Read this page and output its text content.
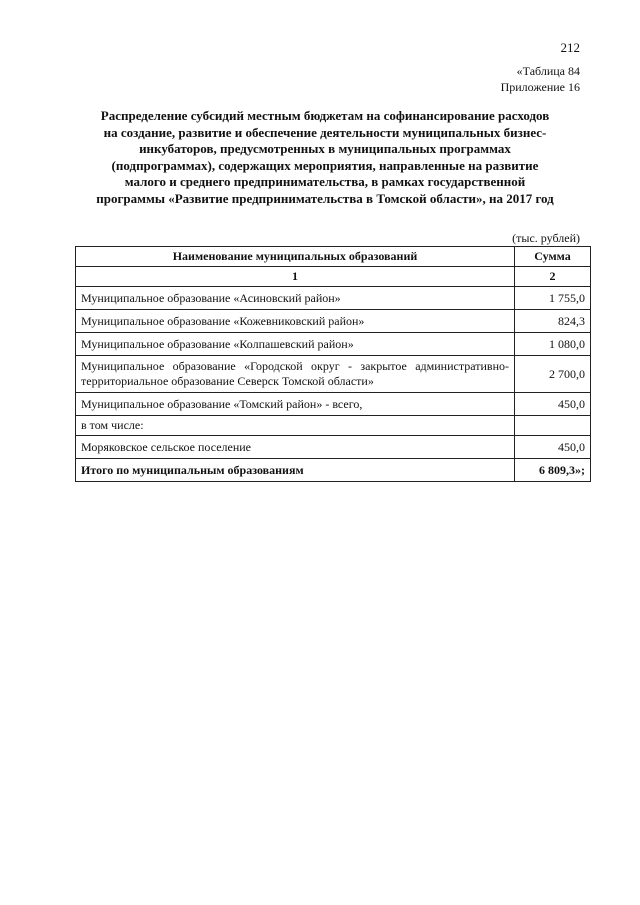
212
«Таблица 84
Приложение 16
Распределение субсидий местным бюджетам на софинансирование расходов
на создание, развитие и обеспечение деятельности муниципальных бизнес-
инкубаторов, предусмотренных в муниципальных программах
(подпрограммах), содержащих мероприятия, направленные на развитие
малого и среднего предпринимательства, в рамках государственной
программы «Развитие предпринимательства в Томской области», на 2017 год
(тыс. рублей)
Наименование муниципальных образований	Сумма
1	2
Муниципальное образование «Асиновский район»	1 755,0
Муниципальное образование «Кожевниковский район»	824,3
Муниципальное образование «Колпашевский район»	1 080,0
Муниципальное образование «Городской округ - закрытое административно-территориальное образование Северск Томской области»	2 700,0
Муниципальное образование «Томский район» - всего,	450,0
в том числе:	
Моряковское сельское поселение	450,0
Итого по муниципальным образованиям	6 809,3»;
